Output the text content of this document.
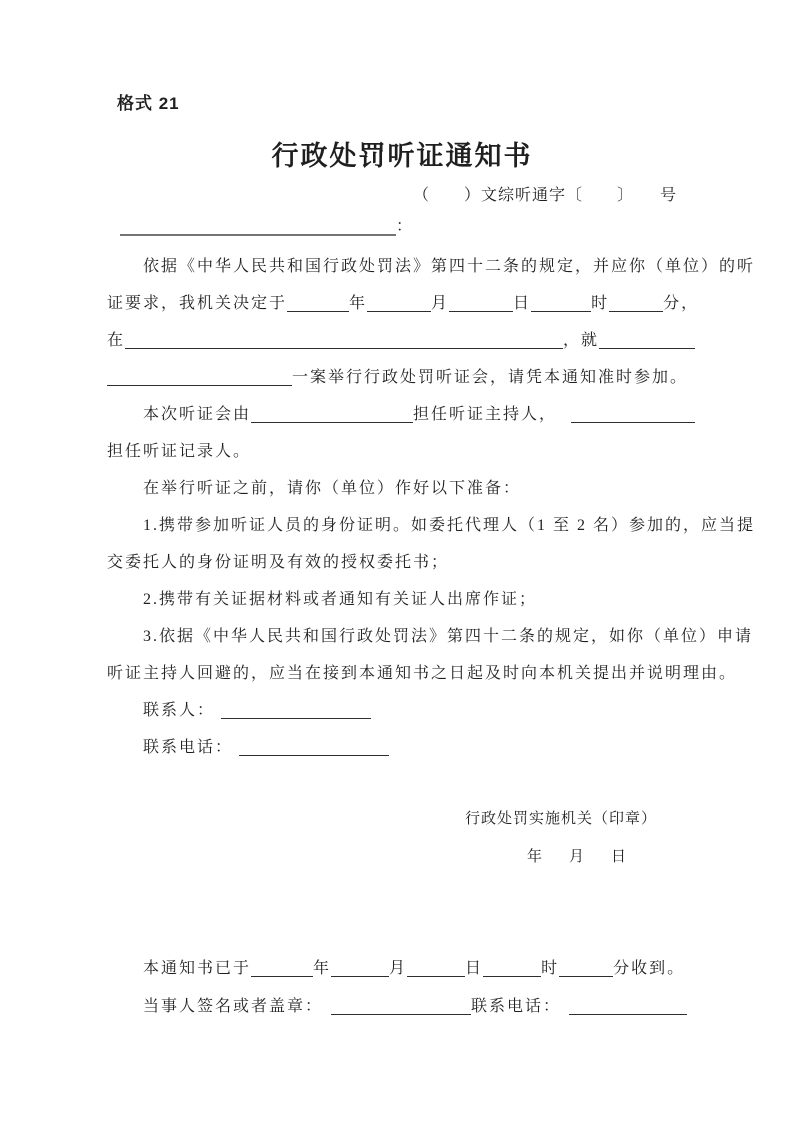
格式 21
行政处罚听证通知书
（　　）文综听通字〔　　〕　　号
：
依据《中华人民共和国行政处罚法》第四十二条的规定，并应你（单位）的听
证要求，我机关决定于	年	月	日	时	分，
在	，就
一案举行行政处罚听证会，请凭本通知准时参加。
本次听证会由	担任听证主持人，
担任听证记录人。
在举行听证之前，请你（单位）作好以下准备：
1.携带参加听证人员的身份证明。如委托代理人（1 至 2 名）参加的，应当提
交委托人的身份证明及有效的授权委托书；
2.携带有关证据材料或者通知有关证人出席作证；
3.依据《中华人民共和国行政处罚法》第四十二条的规定，如你（单位）申请
听证主持人回避的，应当在接到本通知书之日起及时向本机关提出并说明理由。
联系人：
联系电话：
行政处罚实施机关（印章）
年 月 日
本通知书已于	年	月	日	时	分收到。
当事人签名或者盖章：	联系电话：
